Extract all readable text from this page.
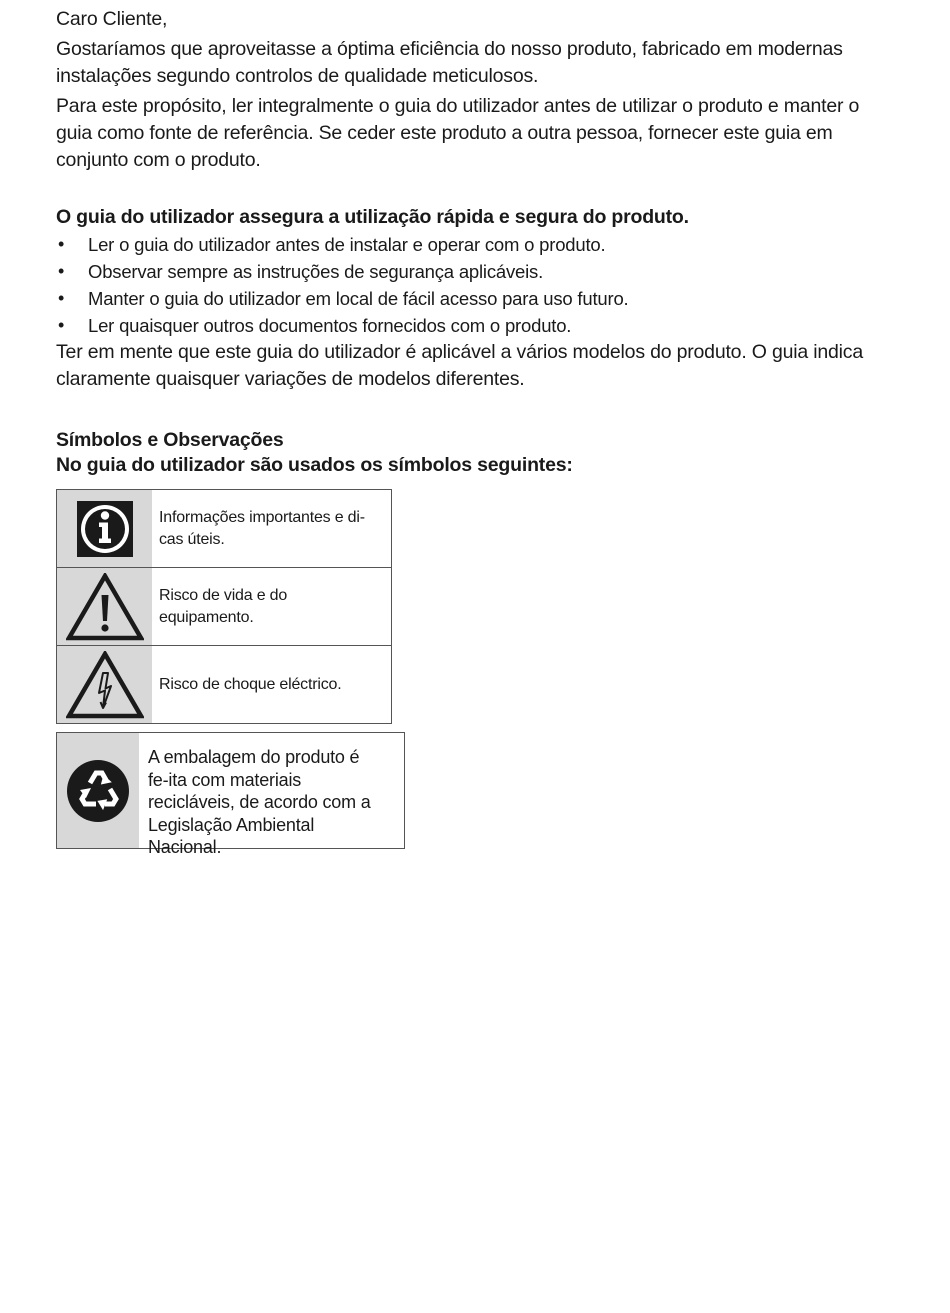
Caro Cliente,

Gostaríamos que aproveitasse a óptima eficiência do nosso produto, fabricado em modernas instalações segundo controlos de qualidade meticulosos.

Para este propósito, ler integralmente o guia do utilizador antes de utilizar o produto e manter o guia como fonte de referência. Se ceder este produto a outra pessoa, fornecer este guia em conjunto com o produto.

O guia do utilizador assegura a utilização rápida e segura do produto.

• Ler o guia do utilizador antes de instalar e operar com o produto.
• Observar sempre as instruções de segurança aplicáveis.
• Manter o guia do utilizador em local de fácil acesso para uso futuro.
• Ler quaisquer outros documentos fornecidos com o produto.

Ter em mente que este guia do utilizador é aplicável a vários modelos do produto. O guia indica claramente quaisquer variações de modelos diferentes.

Símbolos e Observações

No guia do utilizador são usados os símbolos seguintes:

Informações importantes e di-cas úteis.
Risco de vida e do equipamento.
Risco de choque eléctrico.
A embalagem do produto é fe-ita com materiais recicláveis, de acordo com a Legislação Ambiental Nacional.
